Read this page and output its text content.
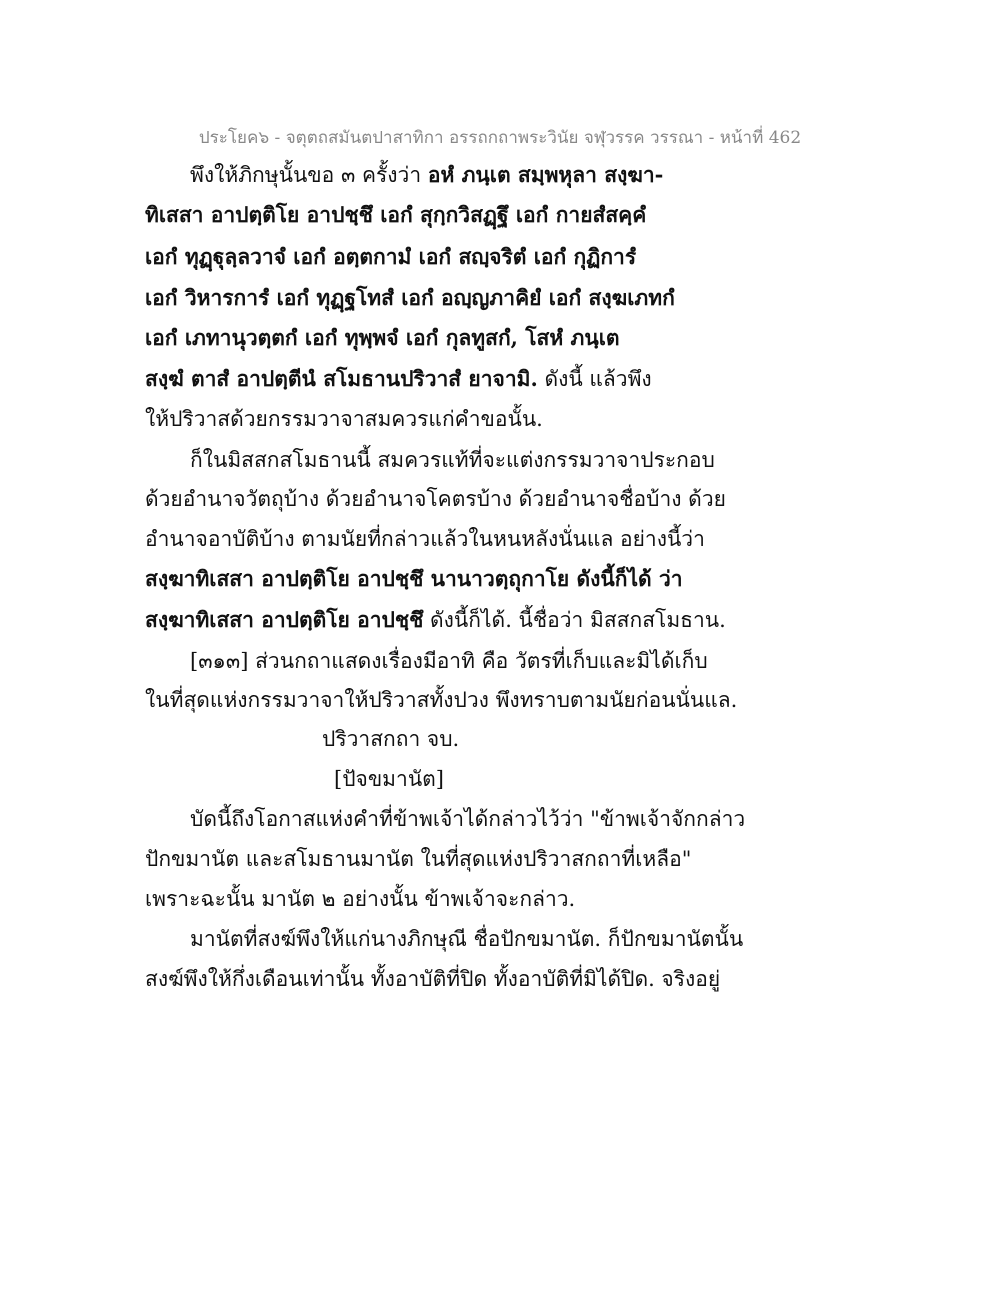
ประโยค๖ - จตุตถสมันตปาสาทิกา อรรถกถาพระวินัย จฬุวรรค วรรณา - หน้าที่ 462
พึงให้ภิกษุนั้นขอ ๓ ครั้งว่า อหํ ภนฺเต สมฺพหุลา สงฺฆา-
ทิเสสา อาปตฺติโย อาปชฺชึ เอกํ สุกฺกวิสฏฺฐึ เอกํ กายสํสคฺคํ
เอกํ ทุฏฺฐุลฺลวาจํ เอกํ อตฺตกามํ เอกํ สญฺจริตํ เอกํ กุฏิการํ
เอกํ วิหารการํ เอกํ ทุฏฺฐโทสํ เอกํ อญฺญภาคิยํ เอกํ สงฺฆเภทกํ
เอกํ เภทานุวตฺตกํ เอกํ ทุพฺพจํ เอกํ กุลทูสกํ, โสหํ ภนฺเต
สงฺฆํ ตาสํ อาปตฺตีนํ สโมธานปริวาสํ ยาจามิ. ดังนี้ แล้วพึง
ให้ปริวาสด้วยกรรมวาจาสมควรแก่คำขอนั้น.
ก็ในมิสสกสโมธานนี้ สมควรแท้ที่จะแต่งกรรมวาจาประกอบ
ด้วยอำนาจวัตถุบ้าง ด้วยอำนาจโคตรบ้าง ด้วยอำนาจชื่อบ้าง ด้วย
อำนาจอาบัติบ้าง ตามนัยที่กล่าวแล้วในหนหลังนั่นแล อย่างนี้ว่า
สงฺฆาทิเสสา อาปตฺติโย อาปชฺชึ นานาวตฺถุกาโย ดังนี้ก็ได้ ว่า
สงฺฆาทิเสสา อาปตฺติโย อาปชฺชึ ดังนี้ก็ได้. นี้ชื่อว่า มิสสกสโมธาน.
[๓๑๓] ส่วนกถาแสดงเรื่องมีอาทิ คือ วัตรที่เก็บและมิได้เก็บ
ในที่สุดแห่งกรรมวาจาให้ปริวาสทั้งปวง พึงทราบตามนัยก่อนนั่นแล.
ปริวาสกถา จบ.
[ปัจขมานัต]
บัดนี้ถึงโอกาสแห่งคำที่ข้าพเจ้าได้กล่าวไว้ว่า "ข้าพเจ้าจักกล่าว
ปักขมานัต และสโมธานมานัต ในที่สุดแห่งปริวาสกถาที่เหลือ"
เพราะฉะนั้น มานัต ๒ อย่างนั้น ข้าพเจ้าจะกล่าว.
มานัตที่สงฆ์พึงให้แก่นางภิกษุณี ชื่อปักขมานัต. ก็ปักขมานัตนั้น
สงฆ์พึงให้กึ่งเดือนเท่านั้น ทั้งอาบัติที่ปิด ทั้งอาบัติที่มิได้ปิด. จริงอยู่
